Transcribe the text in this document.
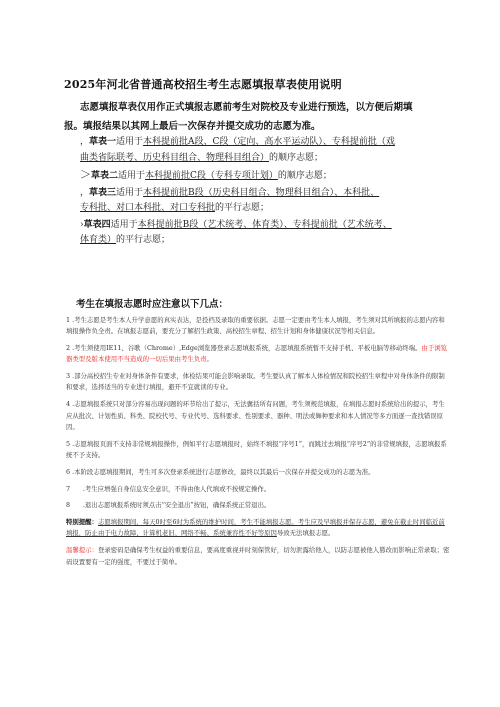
2025年河北省普通高校招生考生志愿填报草表使用说明
志愿填报草表仅用作正式填报志愿前考生对院校及专业进行预选，以方便后期填
报。填报结果以其网上最后一次保存并提交成功的志愿为准。
，草表一适用于本科提前批A段、C段（定向、高水平运动队）、专科提前批（戏
曲类省际联考、历史科目组合、物理科目组合）的顺序志愿；
＞草表二适用于本科提前批C段（专科专项计划）的顺序志愿；
，草表三适用于本科提前批B段（历史科目组合、物理科目组合）、本科批、
专科批、对口本科批、对口专科批的平行志愿；
›草表四适用于本科提前批B段（艺术统考、体育类）、专科提前批（艺术统考、
体育类）的平行志愿；
考生在填报志愿时应注意以下几点：
1 .考生志愿是考生本人升学意愿的真实表达，是投档及录取的重要依据。志愿一定要由考生本人填报，考生须对其所填报的志愿内容和填报操作负全责。在填报志愿前，要充分了解招生政策、高校招生章程、招生计划和身体健康状况等相关信息。
2 .考生须使用IE11、谷歌（Chrome）,Edge浏览器登录志愿填报系统，志愿填报系统暂不支持手机、平板电脑等移动终端。由于浏览器类型及版本使用不当造成的一切后果由考生负责。
3 .部分高校招生专业对身体条件有要求，体检结果可能会影响录取。考生要认真了解本人体检情况和院校招生章程中对身体条件的限制和要求，选择适当的专业进行填报，避开不宜就读的专业。
4 .志愿填报系统只对部分容易出现问题的环节给出了提示，无法囊括所有问题，考生须规范填报，在填报志愿时系统给出的提示，考生应从批次、计划性质、科类、院校代号、专业代号、选科要求、性别要求、器种、明法或舞种要求和本人情况等多方面逐一查找错误原因。
5 .志愿填报页面不支持非常规填报操作，例如平行志愿填报时，始终不填报“序号1”，而跳过去填报“序号2”的非常规填报，志愿填报系统不予支持。
6 .本阶段志愿填报期间，考生可多次登录系统进行志愿修改，最终以其最后一次保存并提交成功的志愿为准。
7　　.考生应增强自身信息安全意识，不得由他人代填或不按规定操作。
8　　.退出志愿填报系统时须点击“安全退出”按钮，确保系统正常退出。
特别提醒：志愿填报期间，每天0时至6时为系统的维护时间，考生不能填报志愿。考生应及早填报并保存志愿，避免在截止时间临近前填报，防止由于电力故障、计算机老旧、网络不畅、系统兼容性不好等原因导致无法填报志愿。
温馨提示：登录密码是确保考生权益的重要信息，要高度重视并时刻保管好，切勿泄露给他人，以防志愿被他人篡改而影响正常录取；密码设置要有一定的强度，不要过于简单。
